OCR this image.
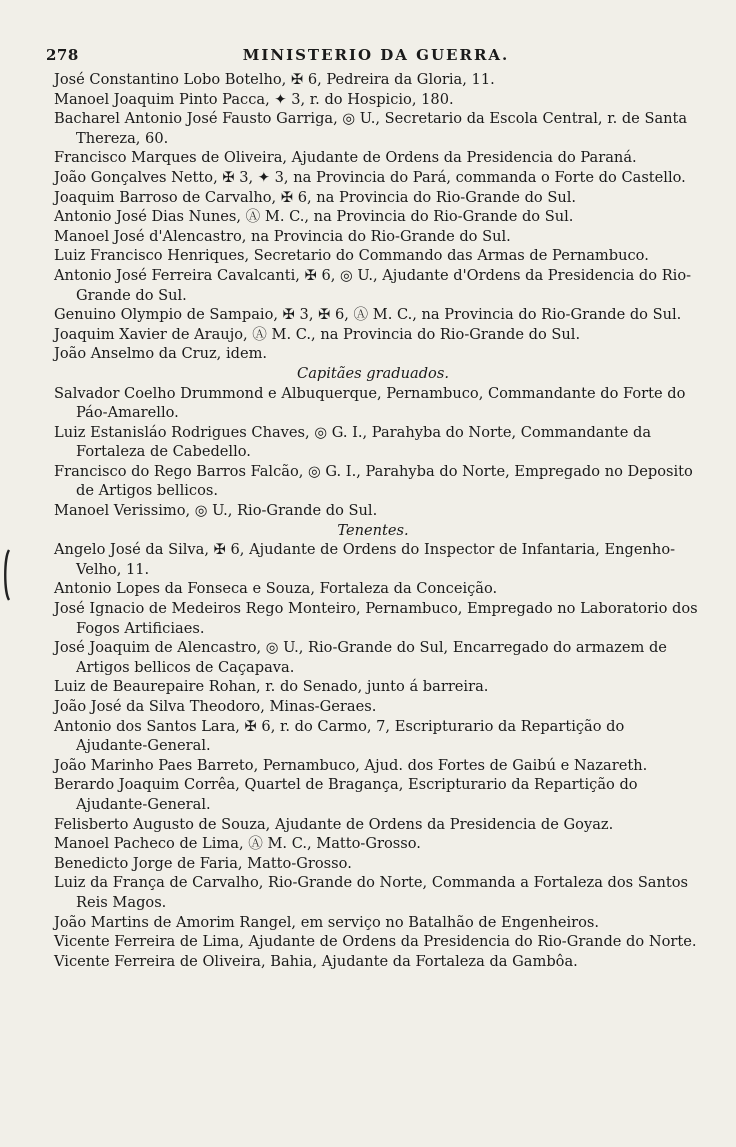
278	MINISTERIO DA GUERRA.
José Constantino Lobo Botelho, ✠ 6, Pedreira da Gloria, 11.
Manoel Joaquim Pinto Pacca, ✦ 3, r. do Hospicio, 180.
Bacharel Antonio José Fausto Garriga, ◎ U., Secretario da Escola Central, r. de Santa Thereza, 60.
Francisco Marques de Oliveira, Ajudante de Ordens da Presidencia do Paraná.
João Gonçalves Netto, ✠ 3, ✦ 3, na Provincia do Pará, commanda o Forte do Castello.
Joaquim Barroso de Carvalho, ✠ 6, na Provincia do Rio-Grande do Sul.
Antonio José Dias Nunes, Ⓐ M. C., na Provincia do Rio-Grande do Sul.
Manoel José d'Alencastro, na Provincia do Rio-Grande do Sul.
Luiz Francisco Henriques, Secretario do Commando das Armas de Pernambuco.
Antonio José Ferreira Cavalcanti, ✠ 6, ◎ U., Ajudante d'Ordens da Presidencia do Rio-Grande do Sul.
Genuino Olympio de Sampaio, ✠ 3, ✠ 6, Ⓐ M. C., na Provincia do Rio-Grande do Sul.
Joaquim Xavier de Araujo, Ⓐ M. C., na Provincia do Rio-Grande do Sul.
João Anselmo da Cruz, idem.
Capitães graduados.
Salvador Coelho Drummond e Albuquerque, Pernambuco, Commandante do Forte do Páo-Amarello.
Luiz Estanisláo Rodrigues Chaves, ◎ G. I., Parahyba do Norte, Commandante da Fortaleza de Cabedello.
Francisco do Rego Barros Falcão, ◎ G. I., Parahyba do Norte, Empregado no Deposito de Artigos bellicos.
Manoel Verissimo, ◎ U., Rio-Grande do Sul.
Tenentes.
Angelo José da Silva, ✠ 6, Ajudante de Ordens do Inspector de Infantaria, Engenho-Velho, 11.
Antonio Lopes da Fonseca e Souza, Fortaleza da Conceição.
José Ignacio de Medeiros Rego Monteiro, Pernambuco, Empregado no Laboratorio dos Fogos Artificiaes.
José Joaquim de Alencastro, ◎ U., Rio-Grande do Sul, Encarregado do armazem de Artigos bellicos de Caçapava.
Luiz de Beaurepaire Rohan, r. do Senado, junto á barreira.
João José da Silva Theodoro, Minas-Geraes.
Antonio dos Santos Lara, ✠ 6, r. do Carmo, 7, Escripturario da Repartição do Ajudante-General.
João Marinho Paes Barreto, Pernambuco, Ajud. dos Fortes de Gaibú e Nazareth.
Berardo Joaquim Corrêa, Quartel de Bragança, Escripturario da Repartição do Ajudante-General.
Felisberto Augusto de Souza, Ajudante de Ordens da Presidencia de Goyaz.
Manoel Pacheco de Lima, Ⓐ M. C., Matto-Grosso.
Benedicto Jorge de Faria, Matto-Grosso.
Luiz da França de Carvalho, Rio-Grande do Norte, Commanda a Fortaleza dos Santos Reis Magos.
João Martins de Amorim Rangel, em serviço no Batalhão de Engenheiros.
Vicente Ferreira de Lima, Ajudante de Ordens da Presidencia do Rio-Grande do Norte.
Vicente Ferreira de Oliveira, Bahia, Ajudante da Fortaleza da Gambôa.
